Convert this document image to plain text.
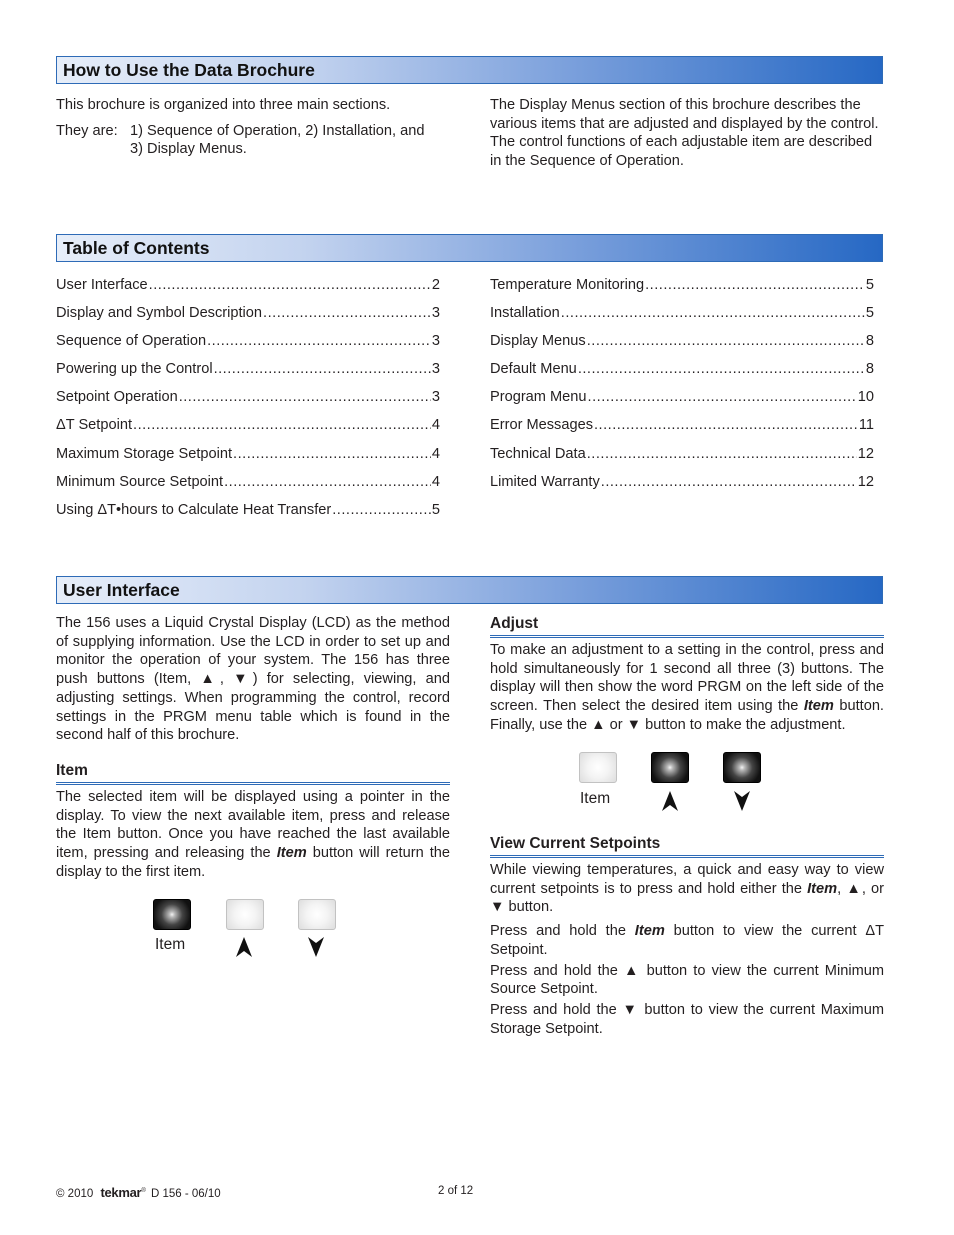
How to Use the Data Brochure

This brochure is organized into three main sections.

They are: 1) Sequence of Operation, 2) Installation, and
3) Display Menus.

The Display Menus section of this brochure describes the various items that are adjusted and displayed by the control. The control functions of each adjustable item are described in the Sequence of Operation.

Table of Contents
User Interface .....	2
Display and Symbol Description .....	3
Sequence of Operation .....	3
Powering up the Control .....	3
Setpoint Operation .....	3
ΔT Setpoint .....	4
Maximum Storage Setpoint .....	4
Minimum Source Setpoint .....	4
Using ΔT•hours to Calculate Heat Transfer .....	5
Temperature Monitoring .....	5
Installation .....	5
Display Menus .....	8
Default Menu .....	8
Program Menu .....	10
Error Messages .....	11
Technical Data .....	12
Limited Warranty .....	12
User Interface

The 156 uses a Liquid Crystal Display (LCD) as the method of supplying information. Use the LCD in order to set up and monitor the operation of your system. The 156 has three push buttons (Item, ▲, ▼) for selecting, viewing, and adjusting settings. When programming the control, record settings in the PRGM menu table which is found in the second half of this brochure.

Item

The selected item will be displayed using a pointer in the display. To view the next available item, press and release the Item button. Once you have reached the last available item, pressing and releasing the Item button will return the display to the first item.

Item
Adjust

To make an adjustment to a setting in the control, press and hold simultaneously for 1 second all three (3) buttons. The display will then show the word PRGM on the left side of the screen. Then select the desired item using the Item button. Finally, use the ▲ or ▼ button to make the adjustment.

Item
View Current Setpoints

While viewing temperatures, a quick and easy way to view current setpoints is to press and hold either the Item, ▲, or ▼ button.

Press and hold the Item button to view the current ΔT Setpoint.

Press and hold the ▲ button to view the current Minimum Source Setpoint.

Press and hold the ▼ button to view the current Maximum Storage Setpoint.

© 2010 tekmar® D 156 - 06/10	2 of 12
